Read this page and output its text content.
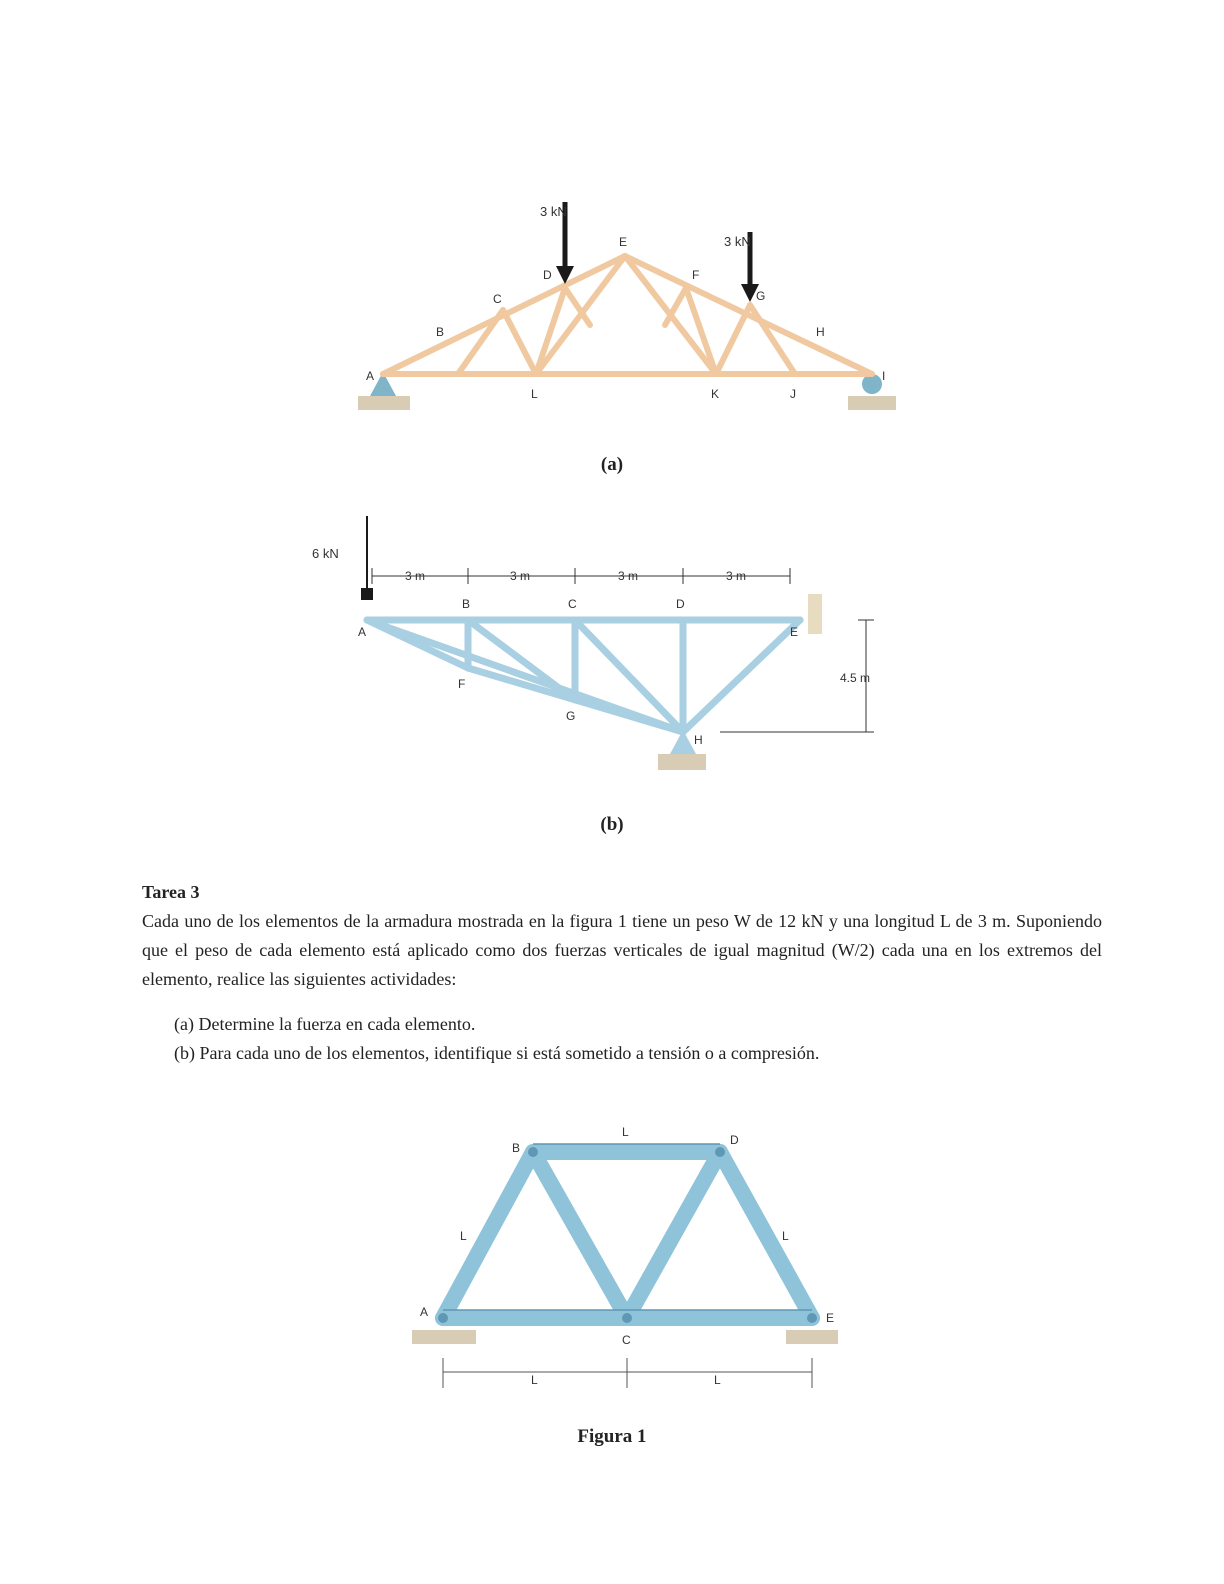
3 kN
3 kN
A
B
C
D
E
F
G
H
I
J
K
L
(a)
6 kN
3 m	3 m	3 m	3 m
4.5 m
A
B	C	D
E
F
G
H
(b)
Tarea 3
Cada uno de los elementos de la armadura mostrada en la figura 1 tiene un peso W de 12 kN y una longitud L de 3 m. Suponiendo que el peso de cada elemento está aplicado como dos fuerzas verticales de igual magnitud (W/2) cada una en los extremos del elemento, realice las siguientes actividades:
(a) Determine la fuerza en cada elemento.
(b) Para cada uno de los elementos, identifique si está sometido a tensión o a compresión.
A
B
C
D
E
L
L	L
L	L
Figura 1
